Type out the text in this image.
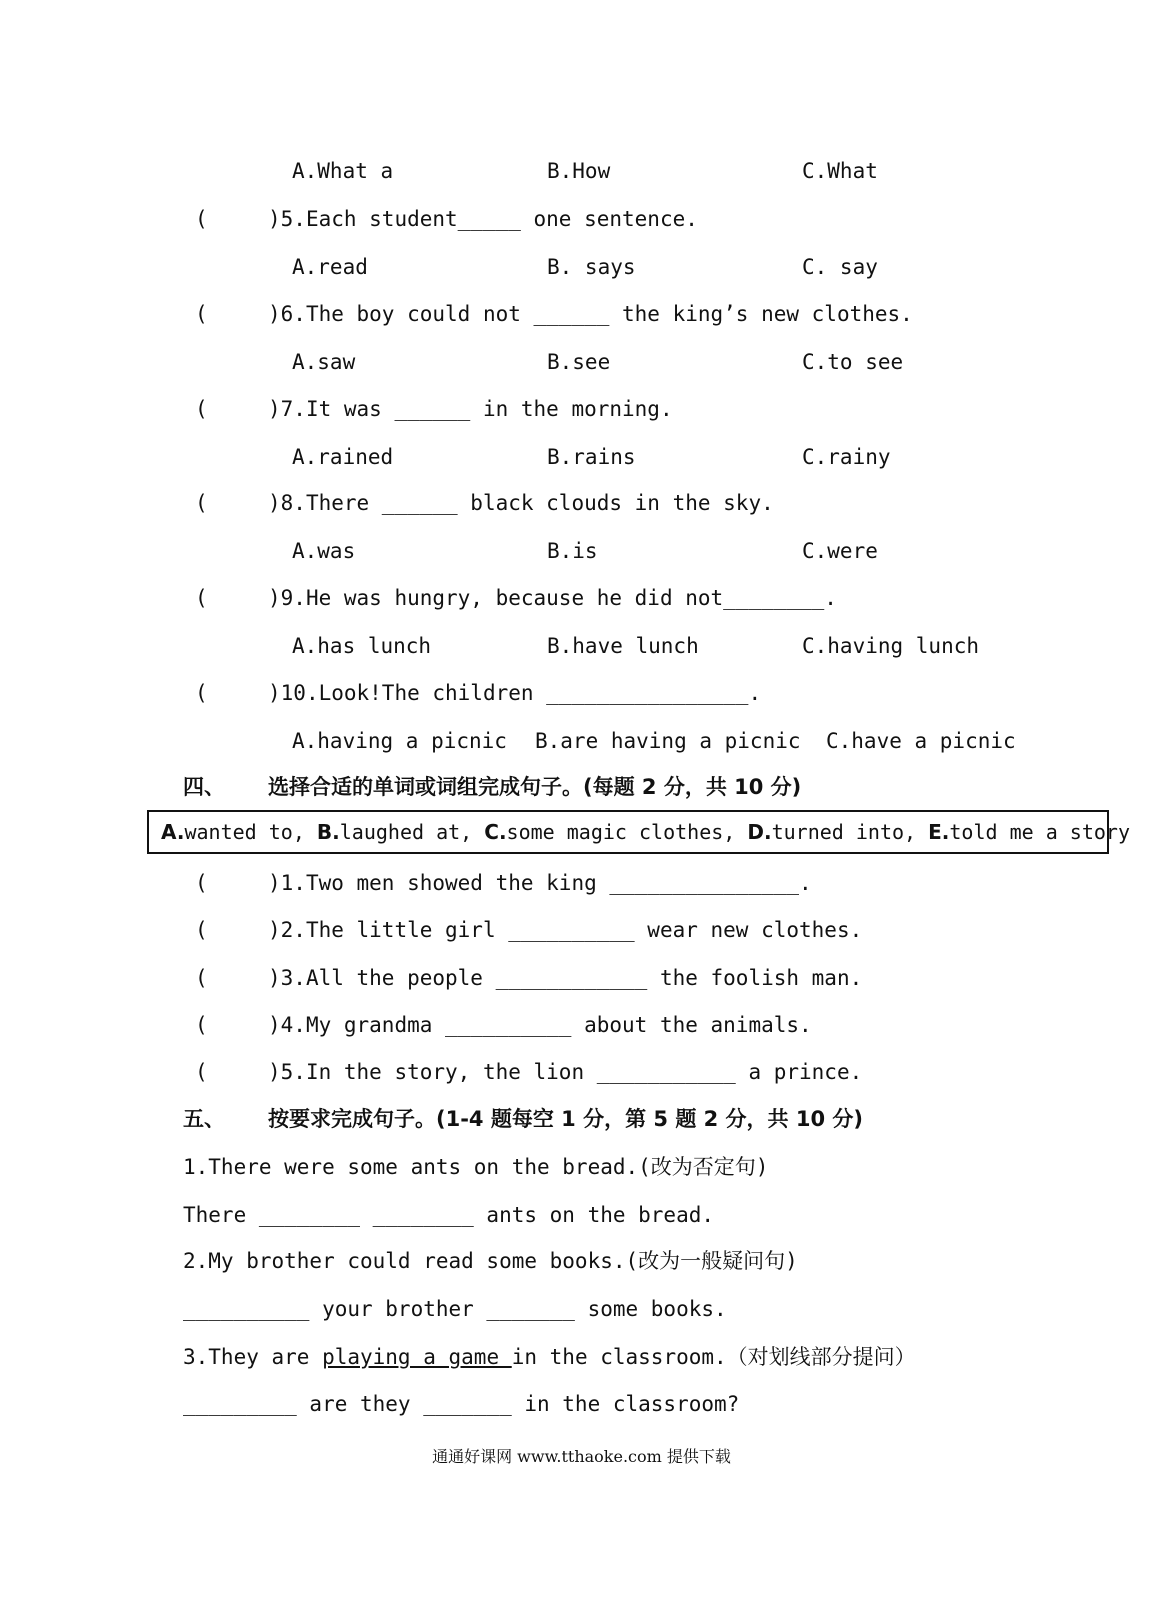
A.What a	B.How	C.What
(	)5.Each student_____ one sentence.
A.read	B. says	C. say
(	)6.The boy could not ______ the king’s new clothes.
A.saw	B.see	C.to see
(	)7.It was ______ in the morning.
A.rained	B.rains	C.rainy
(	)8.There ______ black clouds in the sky.
A.was	B.is	C.were
(	)9.He was hungry, because he did not________.
A.has lunch	B.have lunch	C.having lunch
(	)10.Look!The children ________________.
A.having a picnic B.are having a picnic C.have a picnic
四、 选择合适的单词或词组完成句子。(每题 2 分，共 10 分)
A. wanted to,
B. laughed at,
C. some magic clothes,
D. turned into,
E. told me a story
(	)1.Two men showed the king _______________.
(	)2.The little girl __________ wear new clothes.
(	)3.All the people ____________ the foolish man.
(	)4.My grandma __________ about the animals.
(	)5.In the story, the lion ___________ a prince.
五、 按要求完成句子。(1-4 题每空 1 分，第 5 题 2 分，共 10 分)
1.There were some ants on the bread.(改为否定句)
There ________ ________ ants on the bread.
2.My brother could read some books.(改为一般疑问句)
__________ your brother _______ some books.
3.They are playing a game in the classroom.（对划线部分提问）
_________ are they _______ in the classroom?
通通好课网 www.tthaoke.com 提供下载
